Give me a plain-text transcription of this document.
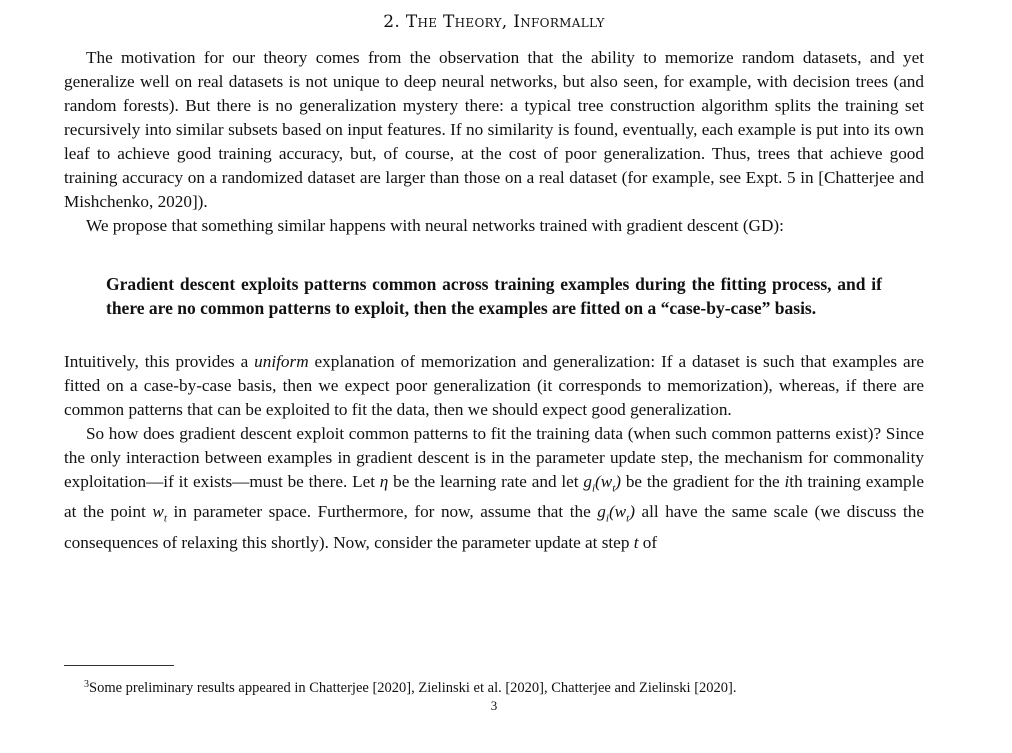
2. The Theory, Informally

The motivation for our theory comes from the observation that the ability to memorize random datasets, and yet generalize well on real datasets is not unique to deep neural networks, but also seen, for example, with decision trees (and random forests). But there is no generalization mystery there: a typical tree construction algorithm splits the training set recursively into similar subsets based on input features. If no similarity is found, eventually, each example is put into its own leaf to achieve good training accuracy, but, of course, at the cost of poor generalization. Thus, trees that achieve good training accuracy on a randomized dataset are larger than those on a real dataset (for example, see Expt. 5 in [Chatterjee and Mishchenko, 2020]).

We propose that something similar happens with neural networks trained with gradient descent (GD):

Gradient descent exploits patterns common across training examples during the fitting process, and if there are no common patterns to exploit, then the examples are fitted on a “case-by-case” basis.

Intuitively, this provides a uniform explanation of memorization and generalization: If a dataset is such that examples are fitted on a case-by-case basis, then we expect poor generalization (it corresponds to memorization), whereas, if there are common patterns that can be exploited to fit the data, then we should expect good generalization.

So how does gradient descent exploit common patterns to fit the training data (when such common patterns exist)? Since the only interaction between examples in gradient descent is in the parameter update step, the mechanism for commonality exploitation—if it exists—must be there. Let η be the learning rate and let $g_i(w_t)$ be the gradient for the ith training example at the point $w_t$ in parameter space. Furthermore, for now, assume that the $g_i(w_t)$ all have the same scale (we discuss the consequences of relaxing this shortly). Now, consider the parameter update at step t of

$^3$Some preliminary results appeared in Chatterjee [2020], Zielinski et al. [2020], Chatterjee and Zielinski [2020].
3
